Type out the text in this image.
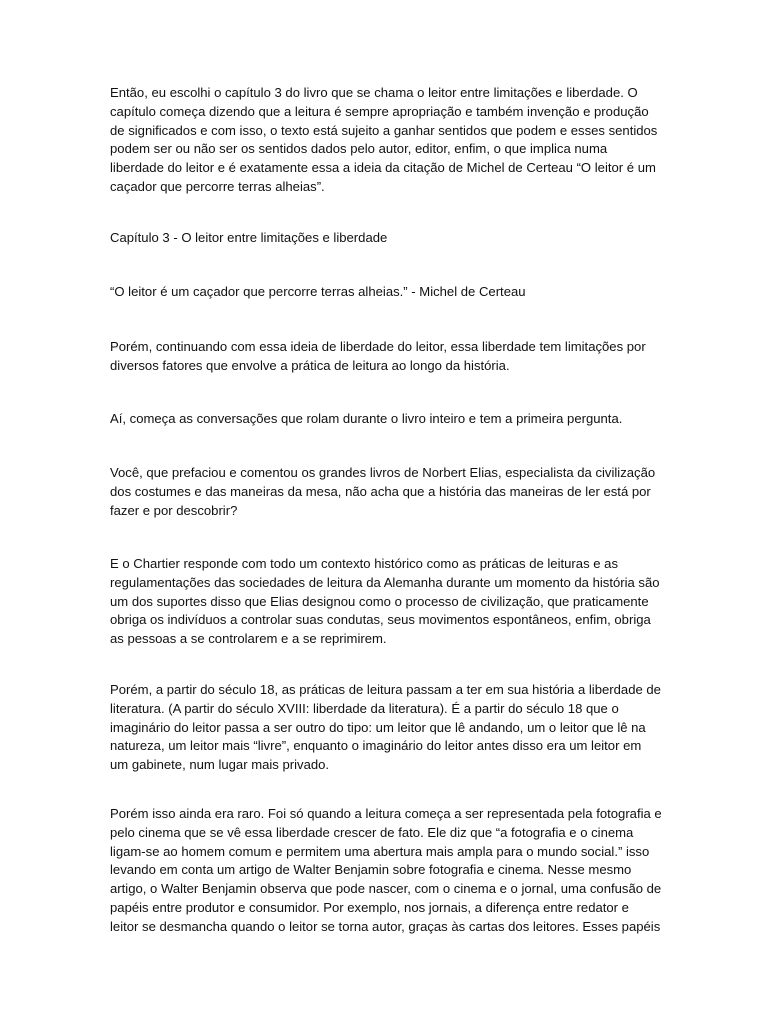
Então, eu escolhi o capítulo 3 do livro que se chama o leitor entre limitações e liberdade. O
capítulo começa dizendo que a leitura é sempre apropriação e também invenção e produção
de significados e com isso, o texto está sujeito a ganhar sentidos que podem e esses sentidos
podem ser ou não ser os sentidos dados pelo autor, editor, enfim, o que implica numa
liberdade do leitor e é exatamente essa a ideia da citação de Michel de Certeau “O leitor é um
caçador que percorre terras alheias”.

Capítulo 3 - O leitor entre limitações e liberdade

“O leitor é um caçador que percorre terras alheias.” - Michel de Certeau

Porém, continuando com essa ideia de liberdade do leitor, essa liberdade tem limitações por
diversos fatores que envolve a prática de leitura ao longo da história.

Aí, começa as conversações que rolam durante o livro inteiro e tem a primeira pergunta.

Você, que prefaciou e comentou os grandes livros de Norbert Elias, especialista da civilização
dos costumes e das maneiras da mesa, não acha que a história das maneiras de ler está por
fazer e por descobrir?

E o Chartier responde com todo um contexto histórico como as práticas de leituras e as
regulamentações das sociedades de leitura da Alemanha durante um momento da história são
um dos suportes disso que Elias designou como o processo de civilização, que praticamente
obriga os indivíduos a controlar suas condutas, seus movimentos espontâneos, enfim, obriga
as pessoas a se controlarem e a se reprimirem.

Porém, a partir do século 18, as práticas de leitura passam a ter em sua história a liberdade de
literatura. (A partir do século XVIII: liberdade da literatura). É a partir do século 18 que o
imaginário do leitor passa a ser outro do tipo: um leitor que lê andando, um o leitor que lê na
natureza, um leitor mais “livre”, enquanto o imaginário do leitor antes disso era um leitor em
um gabinete, num lugar mais privado.

Porém isso ainda era raro. Foi só quando a leitura começa a ser representada pela fotografia e
pelo cinema que se vê essa liberdade crescer de fato. Ele diz que “a fotografia e o cinema
ligam-se ao homem comum e permitem uma abertura mais ampla para o mundo social.” isso
levando em conta um artigo de Walter Benjamin sobre fotografia e cinema. Nesse mesmo
artigo, o Walter Benjamin observa que pode nascer, com o cinema e o jornal, uma confusão de
papéis entre produtor e consumidor. Por exemplo, nos jornais, a diferença entre redator e
leitor se desmancha quando o leitor se torna autor, graças às cartas dos leitores. Esses papéis
